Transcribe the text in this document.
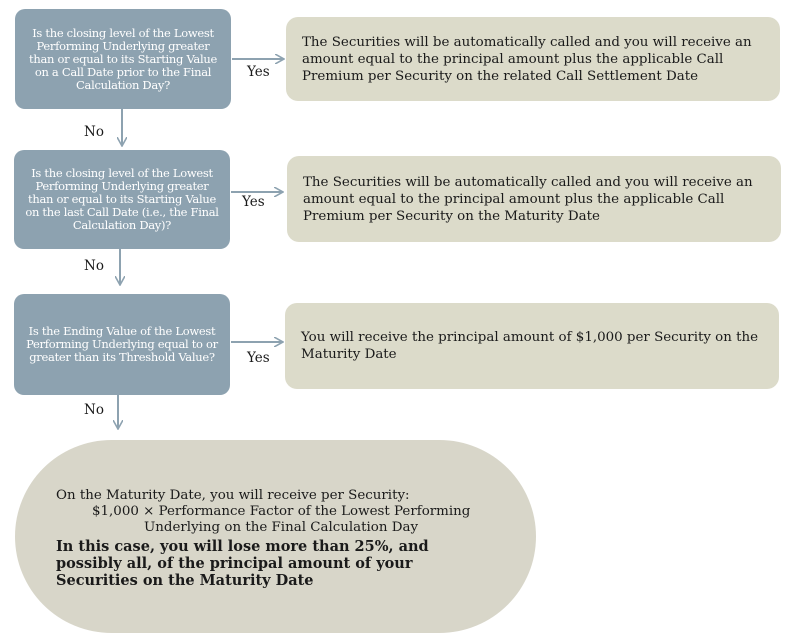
Is the closing level of the Lowest Performing Underlying greater than or equal to its Starting Value on a Call Date prior to the Final Calculation Day?
Yes
The Securities will be automatically called and you will receive an amount equal to the principal amount plus the applicable Call Premium per Security on the related Call Settlement Date
No
Is the closing level of the Lowest Performing Underlying greater than or equal to its Starting Value on the last Call Date (i.e., the Final Calculation Day)?
Yes
The Securities will be automatically called and you will receive an amount equal to the principal amount plus the applicable Call Premium per Security on the Maturity Date
No
Is the Ending Value of the Lowest Performing Underlying equal to or greater than its Threshold Value?	Yes
You will receive the principal amount of $1,000 per Security on the Maturity Date
No
On the Maturity Date, you will receive per Security:
$1,000 × Performance Factor of the Lowest Performing
Underlying on the Final Calculation Day
In this case, you will lose more than 25%, and possibly all, of the principal amount of your Securities on the Maturity Date
